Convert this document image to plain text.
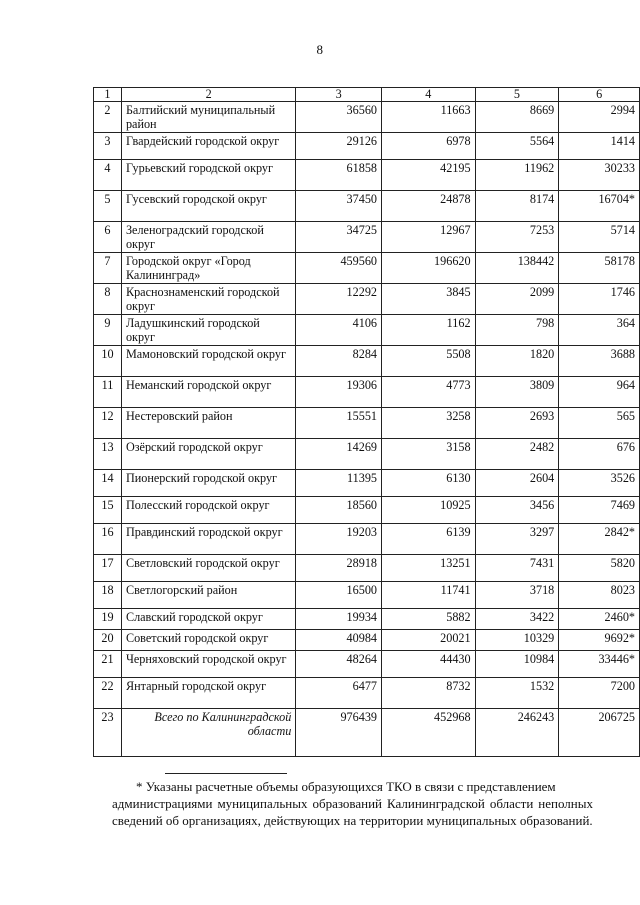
8
1	2	3	4	5	6
2	Балтийский муниципальный район	36560	11663	8669	2994
3	Гвардейский городской округ	29126	6978	5564	1414
4	Гурьевский городской округ	61858	42195	11962	30233
5	Гусевский городской округ	37450	24878	8174	16704*
6	Зеленоградский городской округ	34725	12967	7253	5714
7	Городской округ «Город Калининград»	459560	196620	138442	58178
8	Краснознаменский городской округ	12292	3845	2099	1746
9	Ладушкинский городской округ	4106	1162	798	364
10	Мамоновский городской округ	8284	5508	1820	3688
11	Неманский городской округ	19306	4773	3809	964
12	Нестеровский район	15551	3258	2693	565
13	Озёрский городской округ	14269	3158	2482	676
14	Пионерский городской округ	11395	6130	2604	3526
15	Полесский городской округ	18560	10925	3456	7469
16	Правдинский городской округ	19203	6139	3297	2842*
17	Светловский городской округ	28918	13251	7431	5820
18	Светлогорский район	16500	11741	3718	8023
19	Славский городской округ	19934	5882	3422	2460*
20	Советский городской округ	40984	20021	10329	9692*
21	Черняховский городской округ	48264	44430	10984	33446*
22	Янтарный городской округ	6477	8732	1532	7200
23	Всего по Калининградской области	976439	452968	246243	206725
* Указаны расчетные объемы образующихся ТКО в связи с представлением
администрациями муниципальных образований Калининградской области неполных сведений об организациях, действующих на территории муниципальных образований.
